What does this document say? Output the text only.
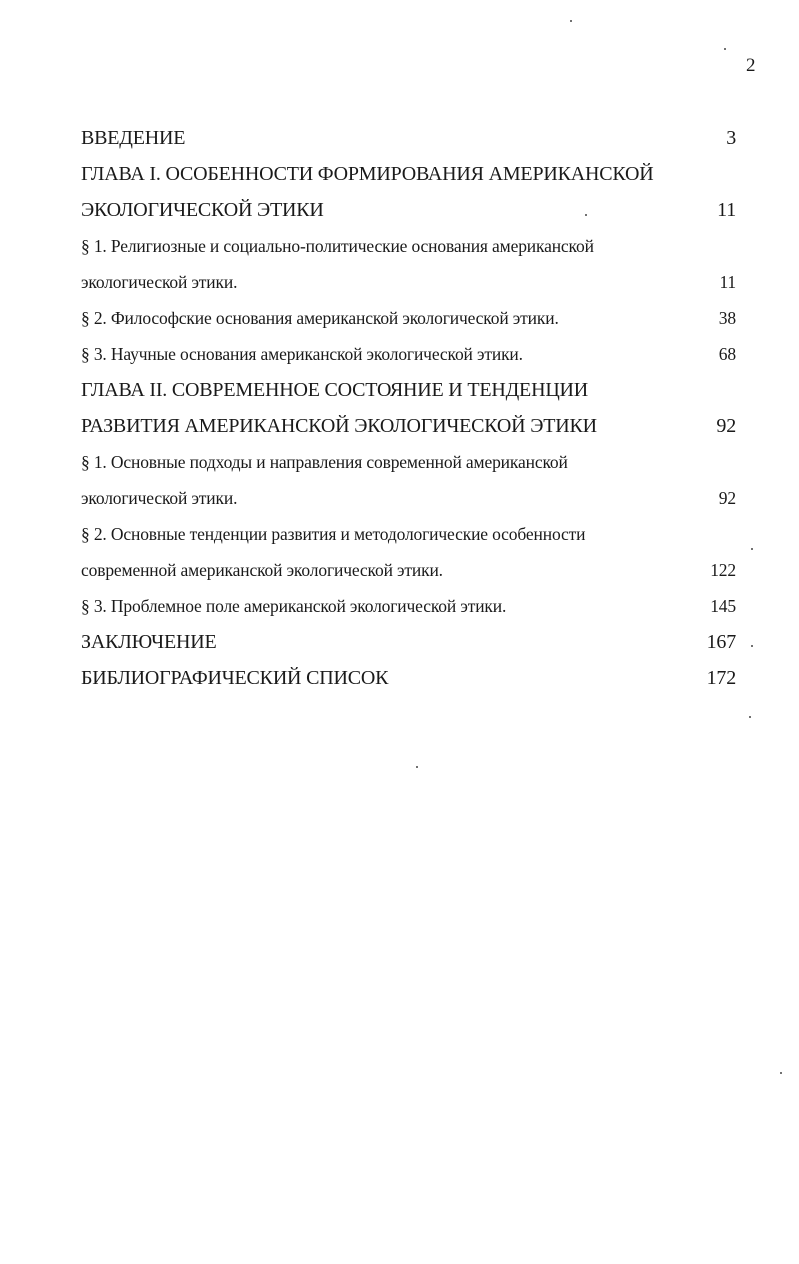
2
ВВЕДЕНИЕ	3
ГЛАВА I. ОСОБЕННОСТИ ФОРМИРОВАНИЯ АМЕРИКАНСКОЙ
ЭКОЛОГИЧЕСКОЙ ЭТИКИ	11
§ 1. Религиозные и социально-политические основания американской
экологической этики.	11
§ 2. Философские основания американской экологической этики.	38
§ 3. Научные основания американской экологической этики.	68
ГЛАВА II. СОВРЕМЕННОЕ СОСТОЯНИЕ И ТЕНДЕНЦИИ
РАЗВИТИЯ АМЕРИКАНСКОЙ ЭКОЛОГИЧЕСКОЙ ЭТИКИ	92
§ 1. Основные подходы и направления современной американской
экологической этики.	92
§ 2. Основные тенденции развития и методологические особенности
современной американской экологической этики.	122
§ 3. Проблемное поле американской экологической этики.	145
ЗАКЛЮЧЕНИЕ	167
БИБЛИОГРАФИЧЕСКИЙ СПИСОК	172
